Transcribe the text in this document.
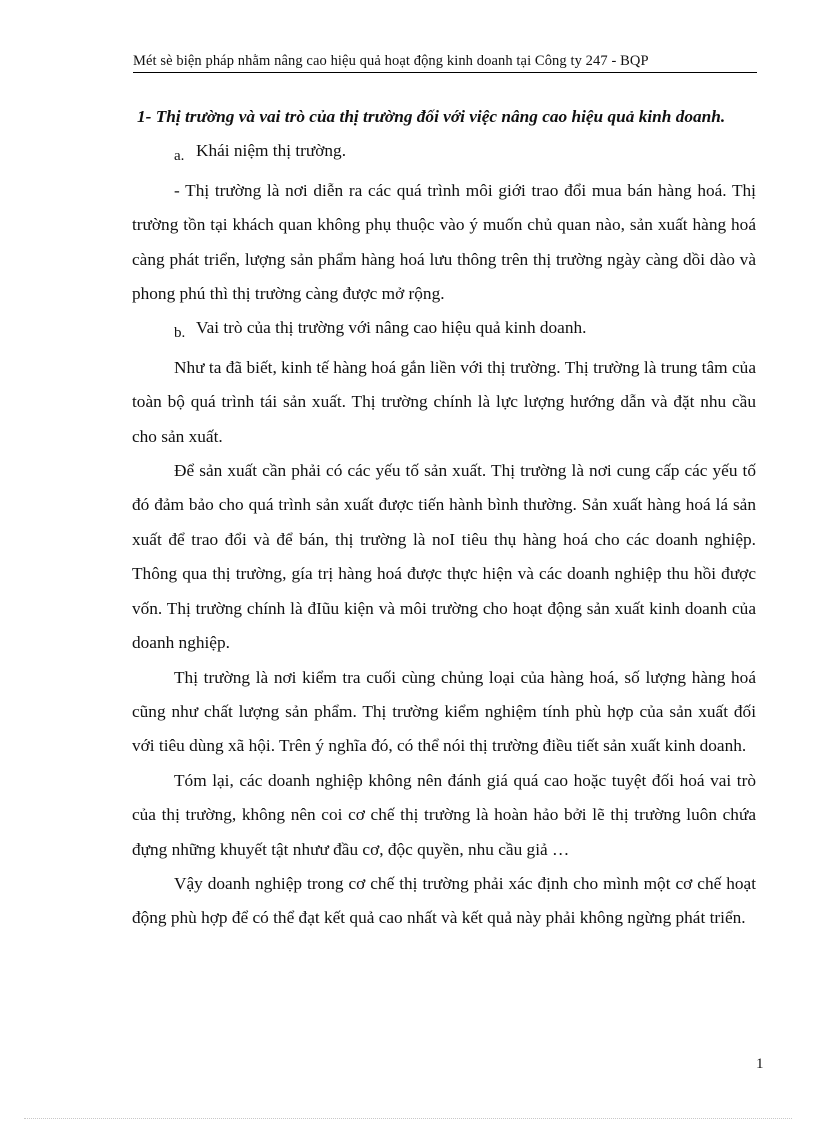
Mét sè biện pháp nhằm nâng cao hiệu quả hoạt động kinh doanh tại Công ty 247 - BQP

1- Thị trường và vai trò của thị trường đối với việc nâng cao hiệu quả kinh doanh.

a. Khái niệm thị trường.

- Thị trường là nơi diễn ra các quá trình môi giới trao đổi mua bán hàng hoá. Thị trường tồn tại khách quan không phụ thuộc vào ý muốn chủ quan nào, sản xuất hàng hoá càng phát triển, lượng sản phẩm hàng hoá lưu thông trên thị trường ngày càng dồi dào và phong phú thì thị trường càng được mở rộng.

b. Vai trò của thị trường với nâng cao hiệu quả kinh doanh.

Như ta đã biết, kinh tế hàng hoá gắn liền với thị trường. Thị trường là trung tâm của toàn bộ quá trình tái sản xuất. Thị trường chính là lực lượng hướng dẫn và đặt nhu cầu cho sản xuất.

Để sản xuất cần phải có các yếu tố sản xuất. Thị trường là nơi cung cấp các yếu tố đó đảm bảo cho quá trình sản xuất được tiến hành bình thường. Sản xuất hàng hoá lá sản xuất để trao đổi và để bán, thị trường là noI tiêu thụ hàng hoá cho các doanh nghiệp. Thông qua thị trường, gía trị hàng hoá được thực hiện và các doanh nghiệp thu hồi được vốn. Thị trường chính là đIũu kiện và môi trường cho hoạt động sản xuất kinh doanh của doanh nghiệp.

Thị trường là nơi kiểm tra cuối cùng chủng loại của hàng hoá, số lượng hàng hoá cũng như chất lượng sản phẩm. Thị trường kiểm nghiệm tính phù hợp của sản xuất đối với tiêu dùng xã hội. Trên ý nghĩa đó, có thể nói thị trường điều tiết sản xuất kinh doanh.

Tóm lại, các doanh nghiệp không nên đánh giá quá cao hoặc tuyệt đối hoá vai trò của thị trường, không nên coi cơ chế thị trường là hoàn hảo bởi lẽ thị trường luôn chứa đựng những khuyết tật nhưư đầu cơ, độc quyền, nhu cầu giả …

Vậy doanh nghiệp trong cơ chế thị trường phải xác định cho mình một cơ chế hoạt động phù hợp để có thể đạt kết quả cao nhất và kết quả này phải không ngừng phát triển.

1
